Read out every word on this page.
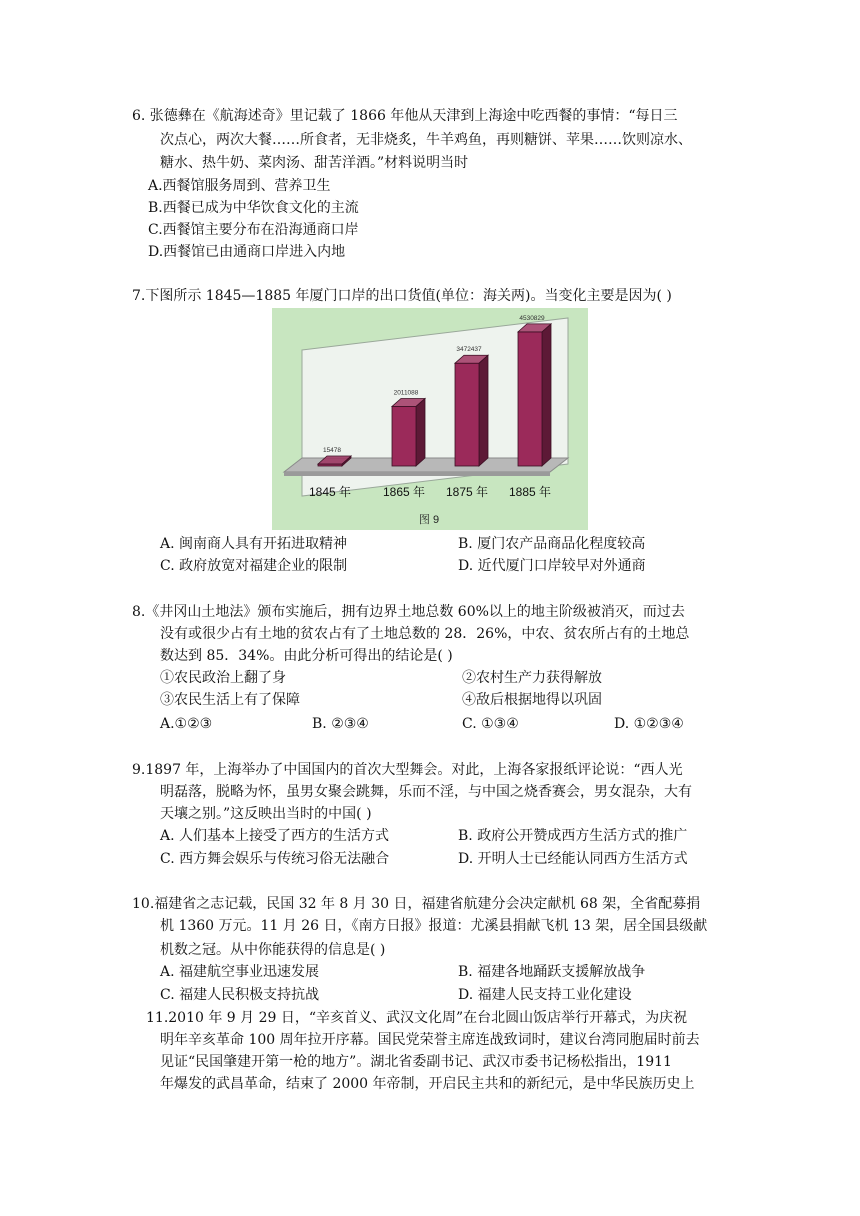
6. 张德彝在《航海述奇》里记载了 1866 年他从天津到上海途中吃西餐的事情：“每日三
次点心，两次大餐……所食者，无非烧炙，牛羊鸡鱼，再则糖饼、苹果……饮则凉水、
糖水、热牛奶、菜肉汤、甜苦洋酒。”材料说明当时
A.西餐馆服务周到、营养卫生
B.西餐已成为中华饮食文化的主流
C.西餐馆主要分布在沿海通商口岸
D.西餐馆已由通商口岸进入内地
7.下图所示 1845—1885 年厦门口岸的出口货值(单位：海关两)。当变化主要是因为( )
15478
1845 年
2011088
1865 年
3472437
1875 年
4530829
1885 年
图 9
A. 闽南商人具有开拓进取精神	B. 厦门农产品商品化程度较高
C. 政府放宽对福建企业的限制	D. 近代厦门口岸较早对外通商
8.《井冈山土地法》颁布实施后，拥有边界土地总数 60%以上的地主阶级被消灭，而过去
没有或很少占有土地的贫农占有了土地总数的 28．26%，中农、贫农所占有的土地总
数达到 85．34%。由此分析可得出的结论是( )
①农民政治上翻了身	②农村生产力获得解放
③农民生活上有了保障	④敌后根据地得以巩固
A.①②③	B. ②③④	C. ①③④	D. ①②③④
9.1897 年，上海举办了中国国内的首次大型舞会。对此，上海各家报纸评论说：“西人光
明磊落，脱略为怀，虽男女聚会跳舞，乐而不淫，与中国之烧香赛会，男女混杂，大有
天壤之别。”这反映出当时的中国( )
A. 人们基本上接受了西方的生活方式	B. 政府公开赞成西方生活方式的推广
C. 西方舞会娱乐与传统习俗无法融合	D. 开明人士已经能认同西方生活方式
10.福建省之志记载，民国 32 年 8 月 30 日，福建省航建分会决定献机 68 架，全省配募捐
机 1360 万元。11 月 26 日，《南方日报》报道：尤溪县捐献飞机 13 架，居全国县级献
机数之冠。从中你能获得的信息是( )
A. 福建航空事业迅速发展	B. 福建各地踊跃支援解放战争
C. 福建人民积极支持抗战	D. 福建人民支持工业化建设
11.2010 年 9 月 29 日，“辛亥首义、武汉文化周”在台北圆山饭店举行开幕式，为庆祝
明年辛亥革命 100 周年拉开序幕。国民党荣誉主席连战致词时，建议台湾同胞届时前去
见证“民国肇建开第一枪的地方”。湖北省委副书记、武汉市委书记杨松指出，1911
年爆发的武昌革命，结束了 2000 年帝制，开启民主共和的新纪元，是中华民族历史上
